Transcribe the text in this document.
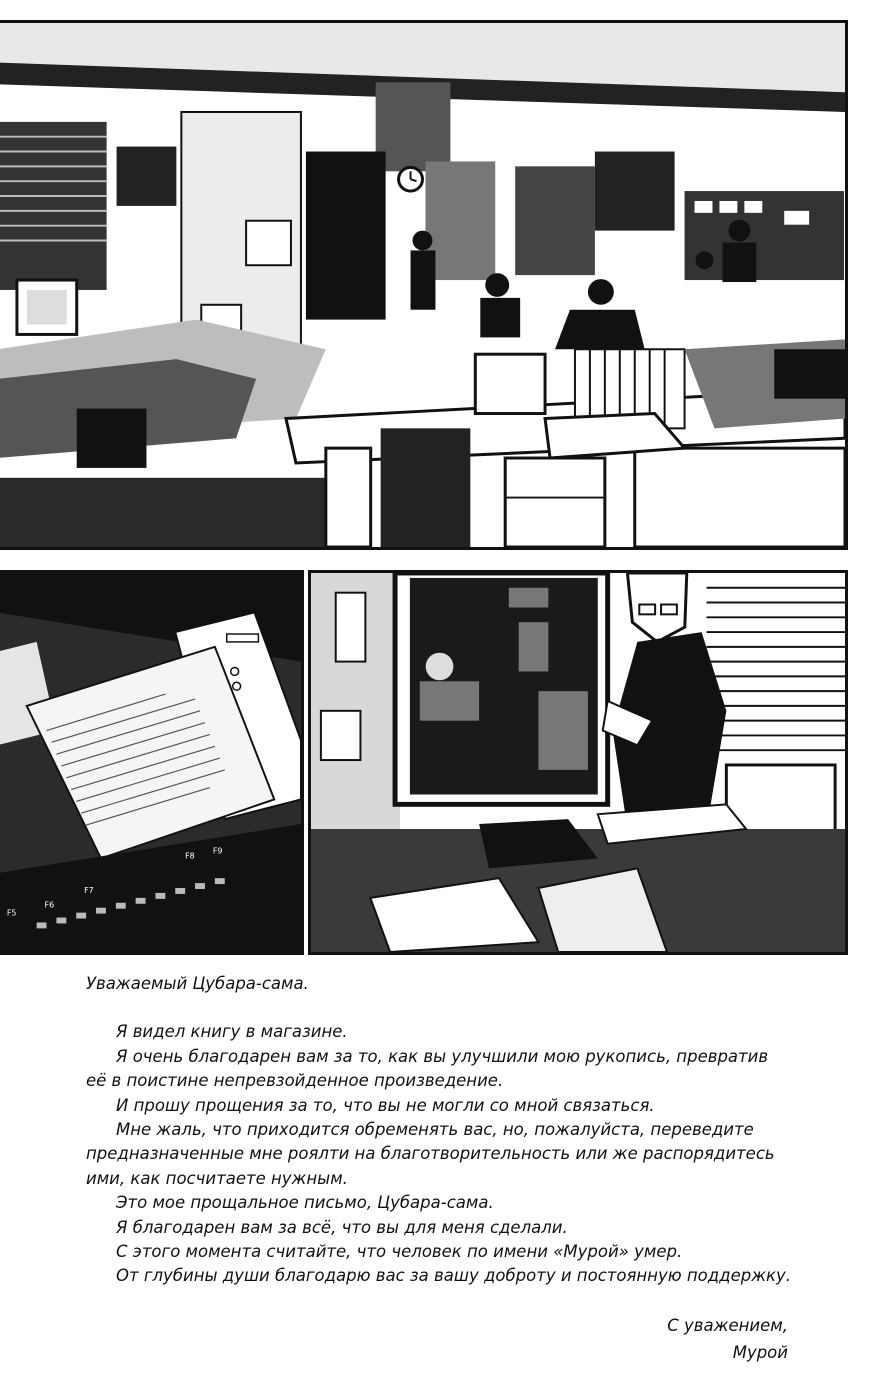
F5
F6
F7
F8
F9

Уважаемый Цубара-сама.

Я видел книгу в магазине.

Я очень благодарен вам за то, как вы улучшили мою рукопись, превратив

её в поистине непревзойденное произведение.

И прошу прощения за то, что вы не могли со мной связаться.

Мне жаль, что приходится обременять вас, но, пожалуйста, переведите

предназначенные мне роялти на благотворительность или же распорядитесь

ими, как посчитаете нужным.

Это мое прощальное письмо, Цубара-сама.

Я благодарен вам за всё, что вы для меня сделали.

С этого момента считайте, что человек по имени «Мурой» умер.

От глубины души благодарю вас за вашу доброту и постоянную поддержку.

С уважением,

Мурой
